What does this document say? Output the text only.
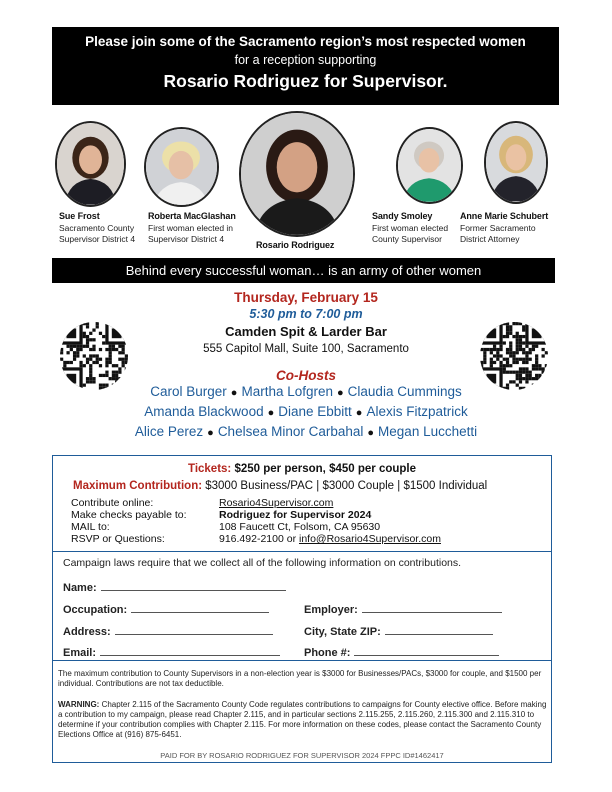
Please join some of the Sacramento region’s most respected women
for a reception supporting
Rosario Rodriguez for Supervisor.
Sue Frost
Sacramento County
Supervisor District 4
Roberta MacGlashan
First woman elected in
Supervisor District 4
Rosario Rodriguez
Sandy Smoley
First woman elected
County Supervisor
Anne Marie Schubert
Former Sacramento
District Attorney
Behind every successful woman… is an army of other women
Thursday, February 15
5:30 pm to 7:00 pm
Camden Spit & Larder Bar
555 Capitol Mall, Suite 100, Sacramento
Co-Hosts
Carol Burger ● Martha Lofgren ● Claudia Cummings
Amanda Blackwood ● Diane Ebbitt ● Alexis Fitzpatrick
Alice Perez ● Chelsea Minor Carbahal ● Megan Lucchetti
Tickets: $250 per person, $450 per couple
Maximum Contribution: $3000 Business/PAC | $3000 Couple | $1500 Individual
Contribute online:	Rosario4Supervisor.com
Make checks payable to:	Rodriguez for Supervisor 2024
MAIL to:	108 Faucett Ct, Folsom, CA 95630
RSVP or Questions:	916.492-2100 or info@Rosario4Supervisor.com
Campaign laws require that we collect all of the following information on contributions.
Name:
Occupation:	Employer:
Address:	City, State ZIP:
Email:	Phone #:
The maximum contribution to County Supervisors in a non-election year is $3000 for Businesses/PACs, $3000 for couple, and $1500 per individual. Contributions are not tax deductible.
WARNING: Chapter 2.115 of the Sacramento County Code regulates contributions to campaigns for County elective office. Before making a contribution to my campaign, please read Chapter 2.115, and in particular sections 2.115.255, 2.115.260, 2.115.300 and 2.115.310 to determine if your contribution complies with Chapter 2.115. For more information on these codes, please contact the Sacramento County Elections Office at (916) 875-6451.
PAID FOR BY ROSARIO RODRIGUEZ FOR SUPERVISOR 2024 FPPC ID#1462417
